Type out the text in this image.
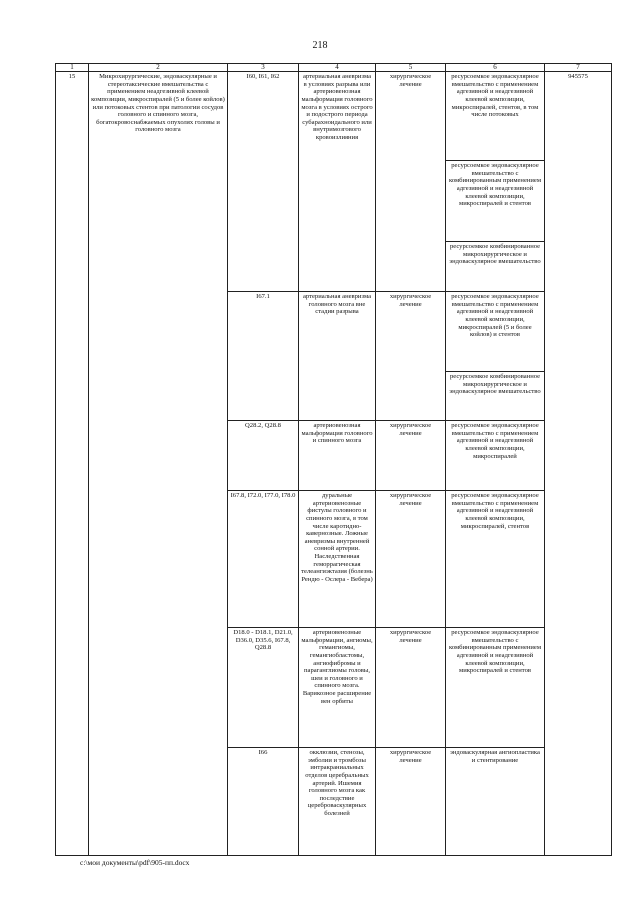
218
1	2	3	4	5	6	7
15	Микрохирургические, эндоваскулярные и стереотаксические вмешательства с применением неадгезивной клеевой композиции, микроспиралей (5 и более койлов) или потоковых стентов при патологии сосудов головного и спинного мозга, богатокровоснабжаемых опухолях головы и головного мозга	I60, I61, I62	артериальная аневризма в условиях разрыва или артериовенозная мальформация головного мозга в условиях острого и подострого периода субарахноидального или внутримозгового кровоизлияния	хирургическое лечение	ресурсоемкое эндоваскулярное вмешательство с применением адгезивной и неадгезивной клеевой композиции, микроспиралей, стентов, в том числе потоковых	945575
					ресурсоемкое эндоваскулярное вмешательство с комбинированным применением адгезивной и неадгезивной клеевой композиции, микроспиралей и стентов	
					ресурсоемкое комбинированное микрохирургическое и эндоваскулярное вмешательство	
		I67.1	артериальная аневризма головного мозга вне стадии разрыва	хирургическое лечение	ресурсоемкое эндоваскулярное вмешательство с применением адгезивной и неадгезивной клеевой композиции, микроспиралей (5 и более койлов) и стентов	
					ресурсоемкое комбинированное микрохирургическое и эндоваскулярное вмешательство	
		Q28.2, Q28.8	артериовенозная мальформация головного и спинного мозга	хирургическое лечение	ресурсоемкое эндоваскулярное вмешательство с применением адгезивной и неадгезивной клеевой композиции, микроспиралей	
		I67.8, I72.0, I77.0, I78.0	дуральные артериовенозные фистулы головного и спинного мозга, в том числе каротидно-кавернозные. Ложные аневризмы внутренней сонной артерии. Наследственная геморрагическая телеангиэктазия (болезнь Рендю - Ослера - Вебера)	хирургическое лечение	ресурсоемкое эндоваскулярное вмешательство с применением адгезивной и неадгезивной клеевой композиции, микроспиралей, стентов	
		D18.0 - D18.1, D21.0, D36.0, D35.6, I67.8, Q28.8	артериовенозные мальформации, ангиомы, гемангиомы, гемангиобластомы, ангиофибромы и параганглиомы головы, шеи и головного и спинного мозга. Варикозное расширение вен орбиты	хирургическое лечение	ресурсоемкое эндоваскулярное вмешательство с комбинированным применением адгезивной и неадгезивной клеевой композиции, микроспиралей и стентов	
		I66	окклюзии, стенозы, эмболии и тромбозы интракраниальных отделов церебральных артерий. Ишемия головного мозга как последствие цереброваскулярных болезней	хирургическое лечение	эндоваскулярная ангиопластика и стентирование	
c:\мои документы\pdf\905-пп.docx
